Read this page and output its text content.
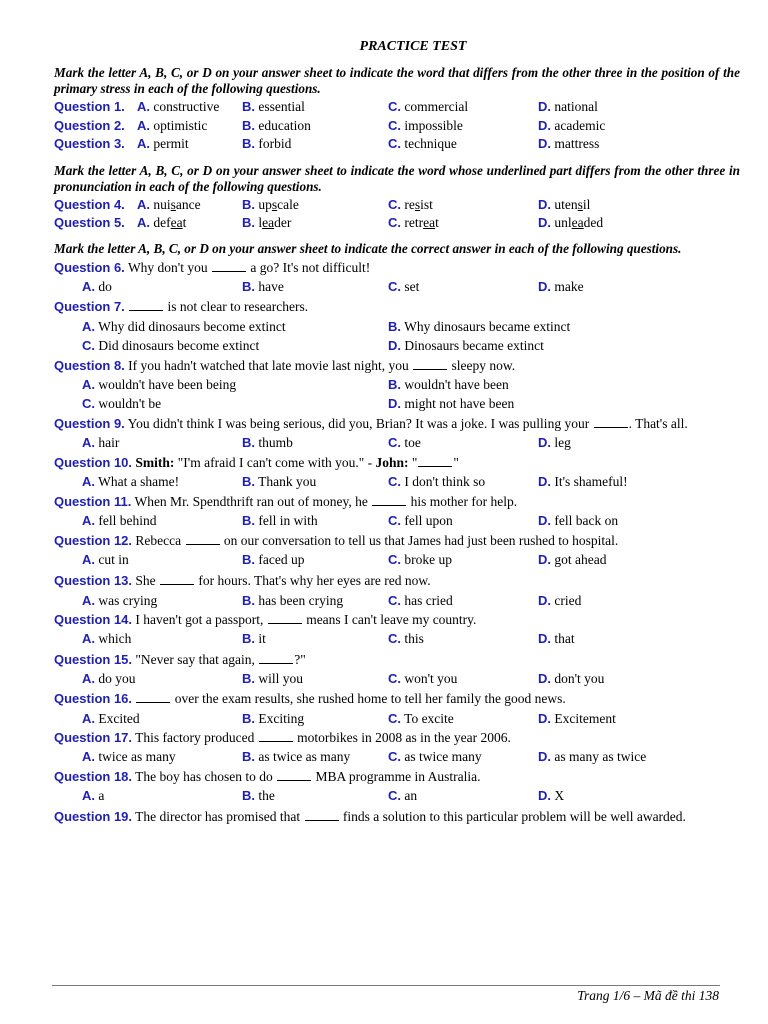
PRACTICE TEST
Mark the letter A, B, C, or D on your answer sheet to indicate the word that differs from the other three in the position of the primary stress in each of the following questions.
Question 1. A. constructive B. essential	C. commercial	D. national
Question 2. A. optimistic	B. education	C. impossible	D. academic
Question 3. A. permit	B. forbid	C. technique	D. mattress
Mark the letter A, B, C, or D on your answer sheet to indicate the word whose underlined part differs from the other three in pronunciation in each of the following questions.
Question 4. A. nuisance	B. upscale	C. resist	D. utensil
Question 5. A. defeat	B. leader	C. retreat	D. unleaded
Mark the letter A, B, C, or D on your answer sheet to indicate the correct answer in each of the following questions.
Question 6. Why don't you	a go? It's not difficult!
A. do	B. have	C. set	D. make
Question 7.	is not clear to researchers.
A. Why did dinosaurs become extinct	B. Why dinosaurs became extinct
C. Did dinosaurs become extinct	D. Dinosaurs became extinct
Question 8. If you hadn't watched that late movie last night, you	sleepy now.
A. wouldn't have been being	B. wouldn't have been
C. wouldn't be	D. might not have been
Question 9. You didn't think I was being serious, did you, Brian? It was a joke. I was pulling your	. That's all.
A. hair	B. thumb	C. toe	D. leg
Question 10. Smith: "I'm afraid I can't come with you." - John: "	"
A. What a shame!	B. Thank you	C. I don't think so	D. It's shameful!
Question 11. When Mr. Spendthrift ran out of money, he	his mother for help.
A. fell behind	B. fell in with	C. fell upon	D. fell back on
Question 12. Rebecca	on our conversation to tell us that James had just been rushed to hospital.
A. cut in	B. faced up	C. broke up	D. got ahead
Question 13. She	for hours. That's why her eyes are red now.
A. was crying	B. has been crying	C. has cried	D. cried
Question 14. I haven't got a passport,	means I can't leave my country.
A. which	B. it	C. this	D. that
Question 15. "Never say that again,	?"
A. do you	B. will you	C. won't you	D. don't you
Question 16.	over the exam results, she rushed home to tell her family the good news.
A. Excited	B. Exciting	C. To excite	D. Excitement
Question 17. This factory produced	motorbikes in 2008 as in the year 2006.
A. twice as many	B. as twice as many	C. as twice many	D. as many as twice
Question 18. The boy has chosen to do	MBA programme in Australia.
A. a	B. the	C. an	D. X
Question 19. The director has promised that	finds a solution to this particular problem will be well awarded.
Trang 1/6 – Mã đề thi 138
